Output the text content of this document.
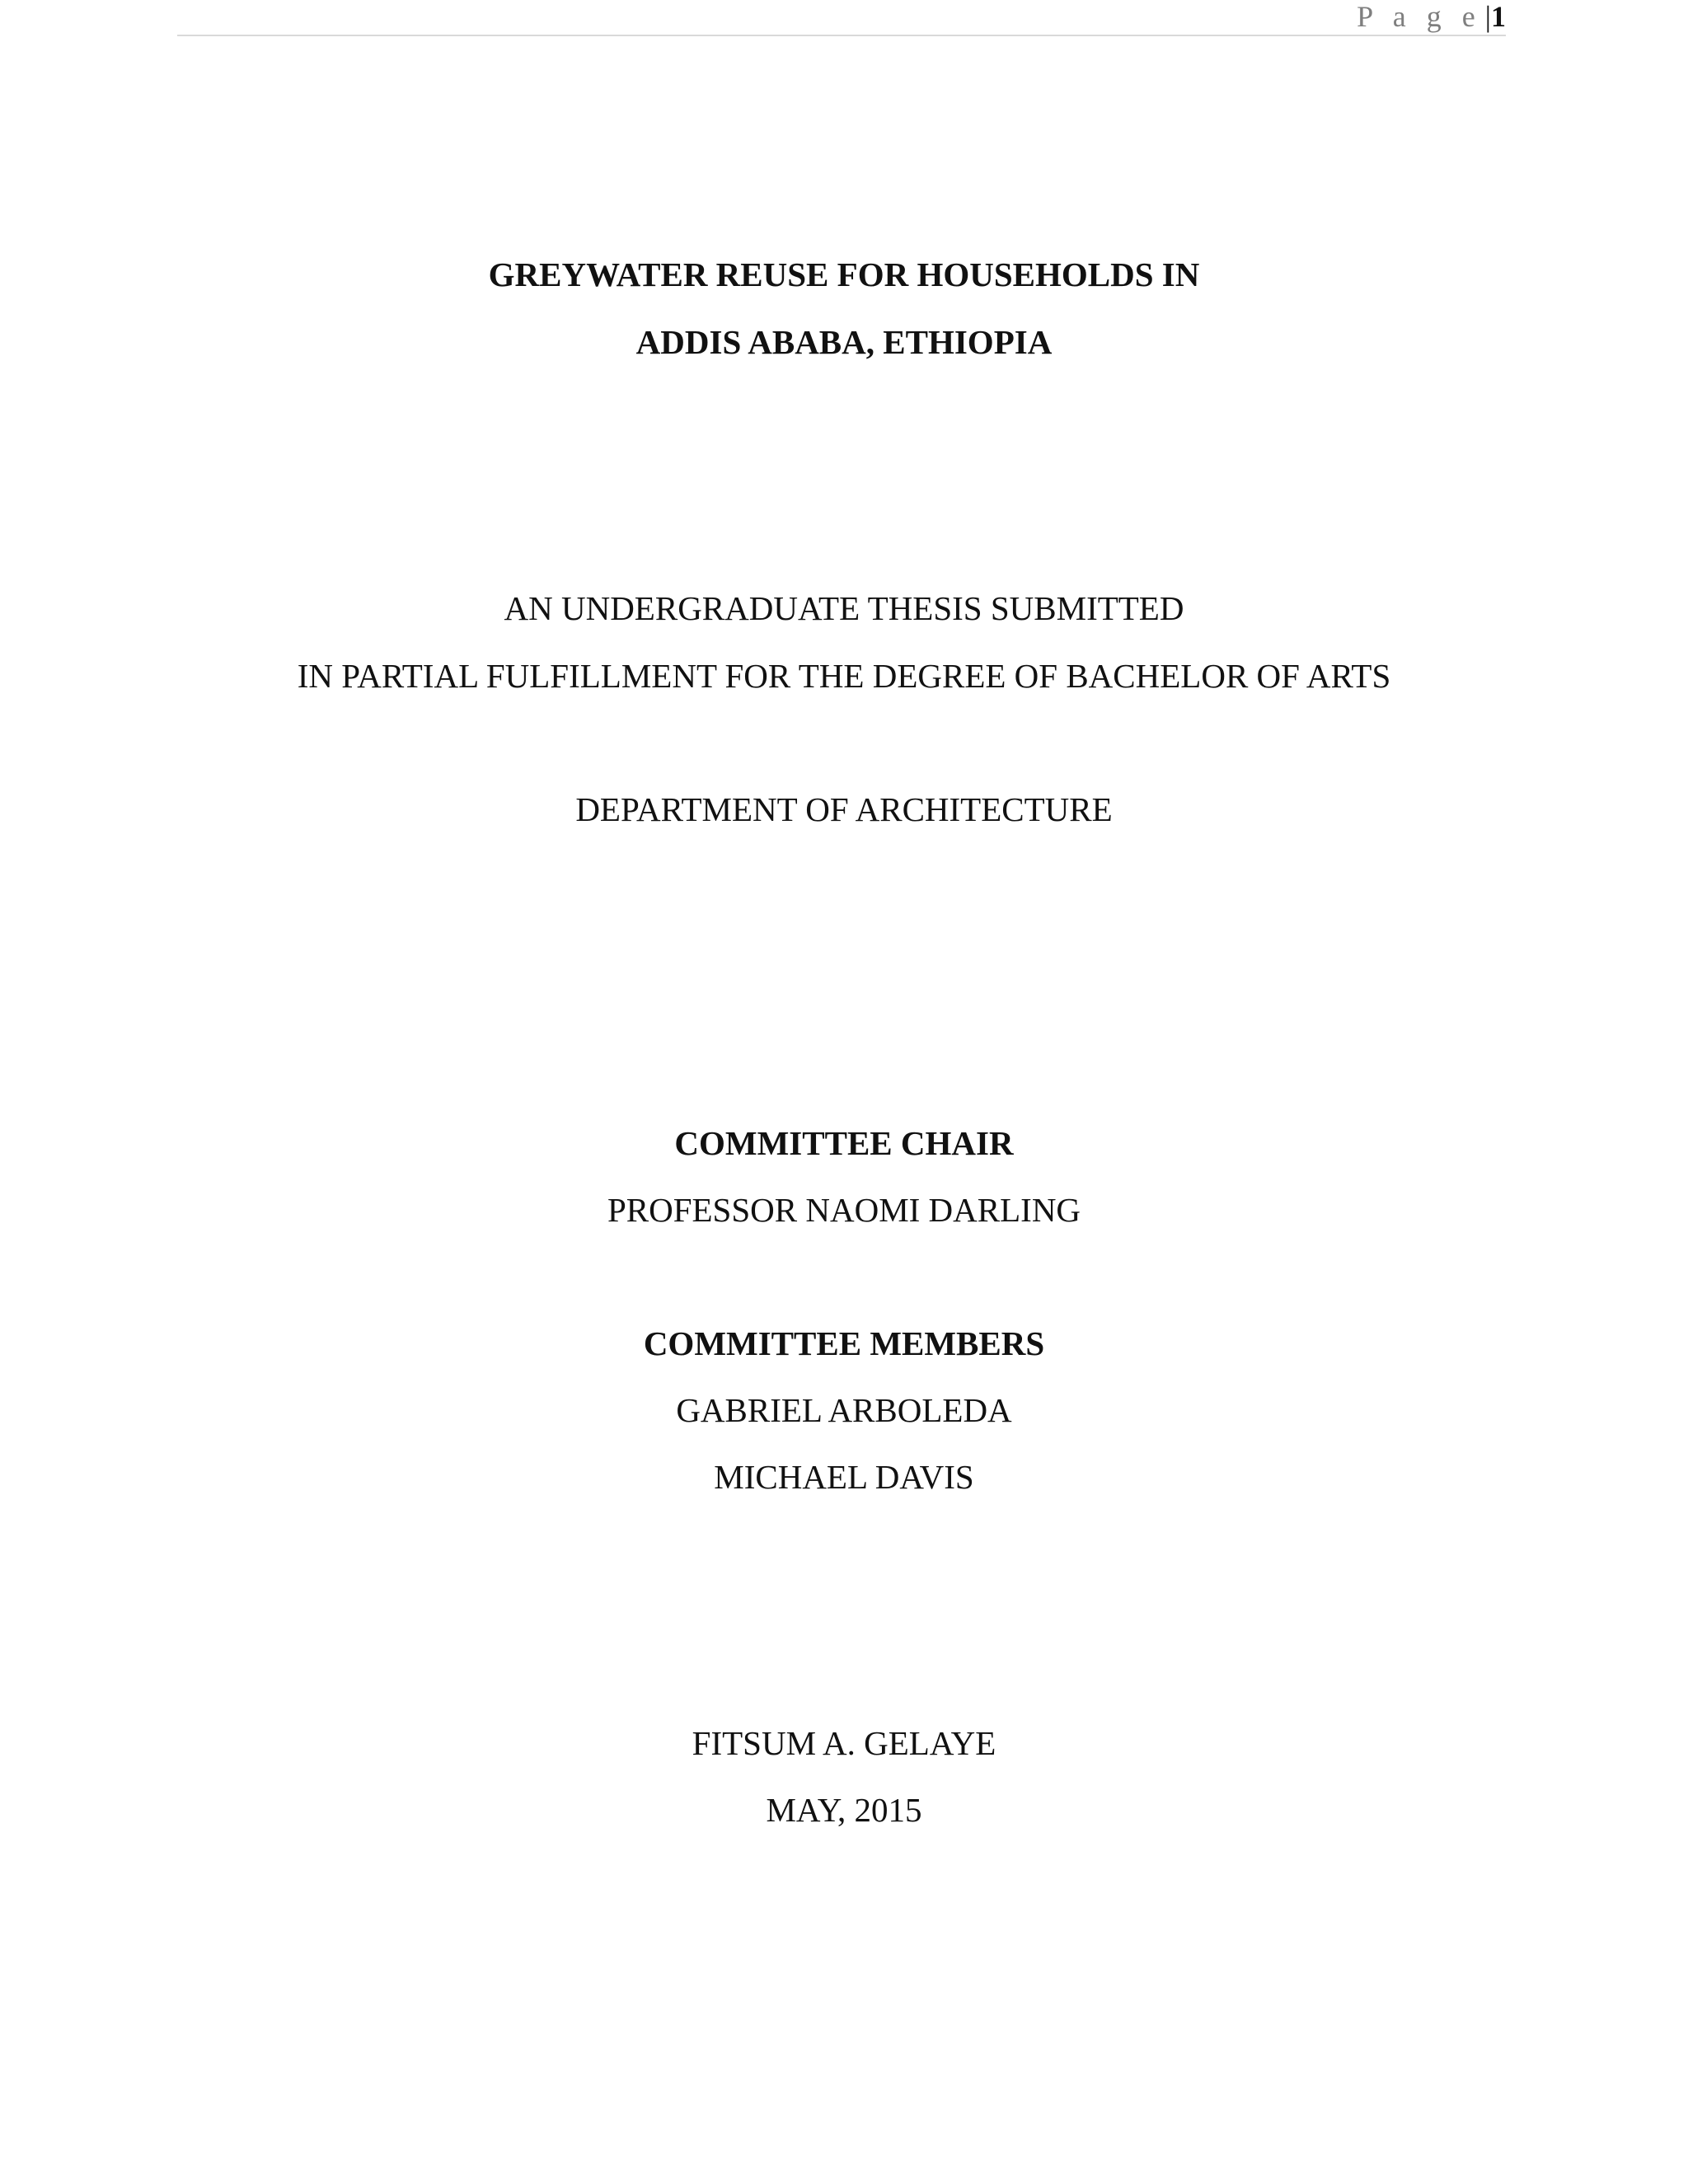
P a g e |1
GREYWATER REUSE FOR HOUSEHOLDS IN
ADDIS ABABA, ETHIOPIA
AN UNDERGRADUATE THESIS SUBMITTED
IN PARTIAL FULFILLMENT FOR THE DEGREE OF BACHELOR OF ARTS
DEPARTMENT OF ARCHITECTURE
COMMITTEE CHAIR
PROFESSOR NAOMI DARLING
COMMITTEE MEMBERS
GABRIEL ARBOLEDA
MICHAEL DAVIS
FITSUM A. GELAYE
MAY, 2015
